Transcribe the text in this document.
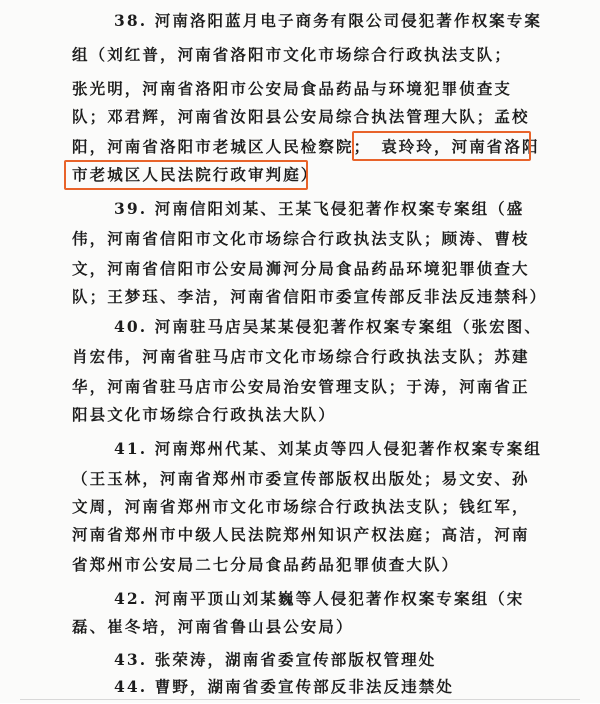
38. 河南洛阳蓝月电子商务有限公司侵犯著作权案专案
组（刘红普，河南省洛阳市文化市场综合行政执法支队；
张光明，河南省洛阳市公安局食品药品与环境犯罪侦查支
队；邓君辉，河南省汝阳县公安局综合执法管理大队；孟校
阳，河南省洛阳市老城区人民检察院； 袁玲玲，河南省洛阳
市老城区人民法院行政审判庭）
39. 河南信阳刘某、王某飞侵犯著作权案专案组（盛
伟，河南省信阳市文化市场综合行政执法支队；顾涛、曹枝
文，河南省信阳市公安局浉河分局食品药品环境犯罪侦查大
队；王梦珏、李洁，河南省信阳市委宣传部反非法反违禁科）
40. 河南驻马店吴某某侵犯著作权案专案组（张宏图、
肖宏伟，河南省驻马店市文化市场综合行政执法支队；苏建
华，河南省驻马店市公安局治安管理支队；于涛，河南省正
阳县文化市场综合行政执法大队）
41. 河南郑州代某、刘某贞等四人侵犯著作权案专案组
（王玉林，河南省郑州市委宣传部版权出版处；易文安、孙
文周，河南省郑州市文化市场综合行政执法支队；钱红军，
河南省郑州市中级人民法院郑州知识产权法庭；高洁，河南
省郑州市公安局二七分局食品药品犯罪侦查大队）
42. 河南平顶山刘某巍等人侵犯著作权案专案组（宋
磊、崔冬培，河南省鲁山县公安局）
43. 张荣涛，湖南省委宣传部版权管理处
44. 曹野，湖南省委宣传部反非法反违禁处
